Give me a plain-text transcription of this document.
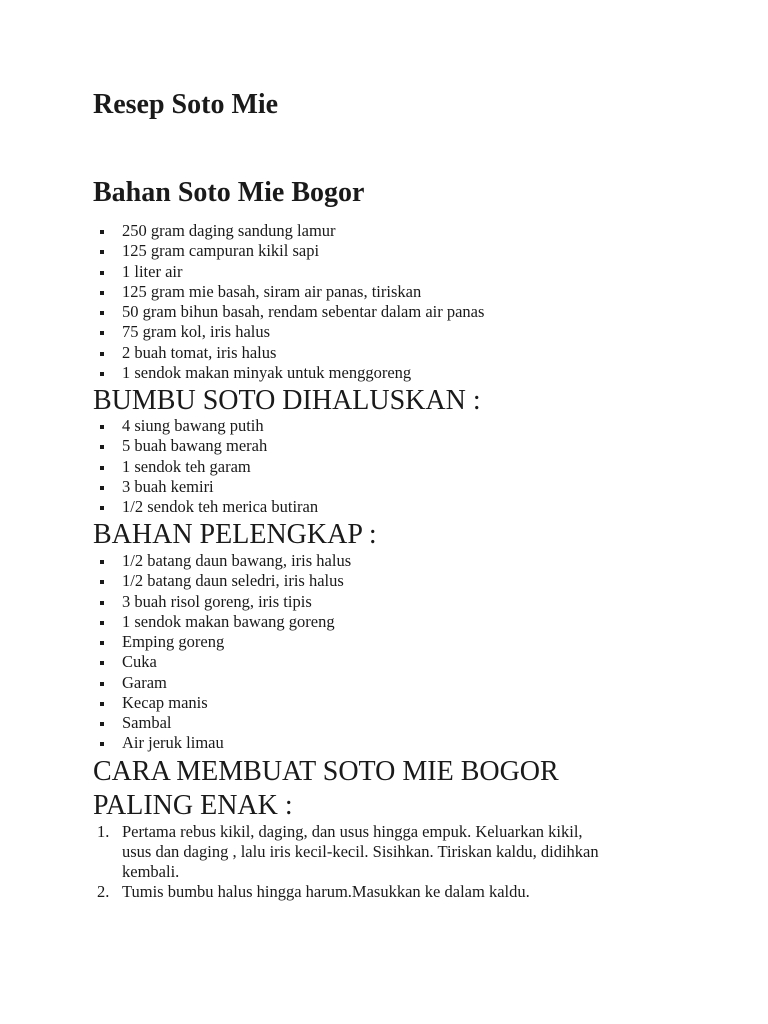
Resep Soto Mie
Bahan Soto Mie Bogor
250 gram daging sandung lamur
125 gram campuran kikil sapi
1 liter air
125 gram mie basah, siram air panas, tiriskan
50 gram bihun basah, rendam sebentar dalam air panas
75 gram kol, iris halus
2 buah tomat, iris halus
1 sendok makan minyak untuk menggoreng
BUMBU SOTO DIHALUSKAN :
4 siung bawang putih
5 buah bawang merah
1 sendok teh garam
3 buah kemiri
1/2 sendok teh merica butiran
BAHAN PELENGKAP :
1/2 batang daun bawang, iris halus
1/2 batang daun seledri, iris halus
3 buah risol goreng, iris tipis
1 sendok makan bawang goreng
Emping goreng
Cuka
Garam
Kecap manis
Sambal
Air jeruk limau
CARA MEMBUAT SOTO MIE BOGOR
PALING ENAK :
1. Pertama rebus kikil, daging, dan usus hingga empuk. Keluarkan kikil,
usus dan daging , lalu iris kecil-kecil. Sisihkan. Tiriskan kaldu, didihkan
kembali.
2. Tumis bumbu halus hingga harum.Masukkan ke dalam kaldu.
